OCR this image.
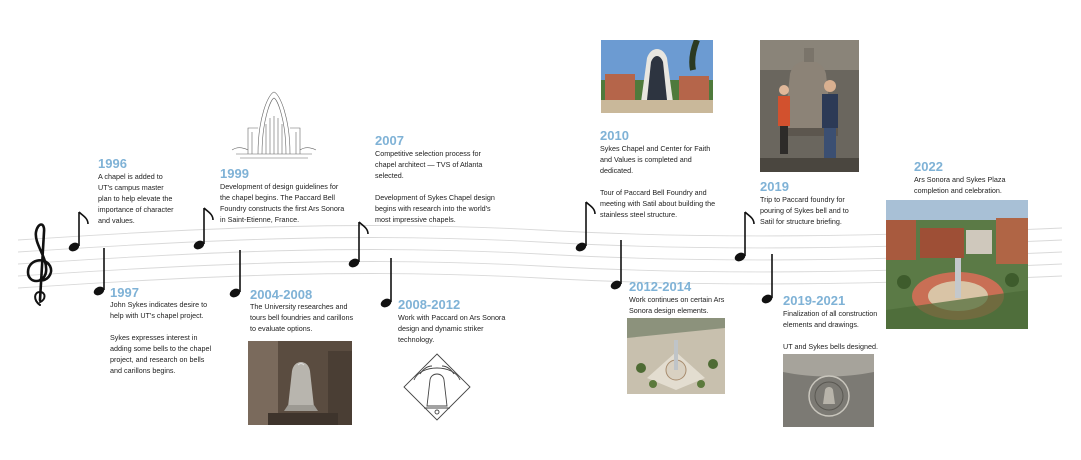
1996

A chapel is added to UT's campus master plan to help elevate the importance of character and values.

1997

John Sykes indicates desire to help with UT's chapel project.

Sykes expresses interest in adding some bells to the chapel project, and research on bells and carillons begins.

1999

Development of design guidelines for the chapel begins. The Paccard Bell Foundry constructs the first Ars Sonora in Saint-Etienne, France.

2004-2008

The University researches and tours bell foundries and carillons to evaluate options.

2007

Competitive selection process for chapel architect — TVS of Atlanta selected.

Development of Sykes Chapel design begins with research into the world's most impressive chapels.

2008-2012

Work with Paccard on Ars Sonora design and dynamic striker technology.

2010

Sykes Chapel and Center for Faith and Values is completed and dedicated.

Tour of Paccard Bell Foundry and meeting with Satil about building the stainless steel structure.

2012-2014

Work continues on certain Ars Sonora design elements.

2019

Trip to Paccard foundry for pouring of Sykes bell and to Satil for structure briefing.

2019-2021

Finalization of all construction elements and drawings.

UT and Sykes bells designed.

2022

Ars Sonora and Sykes Plaza completion and celebration.
